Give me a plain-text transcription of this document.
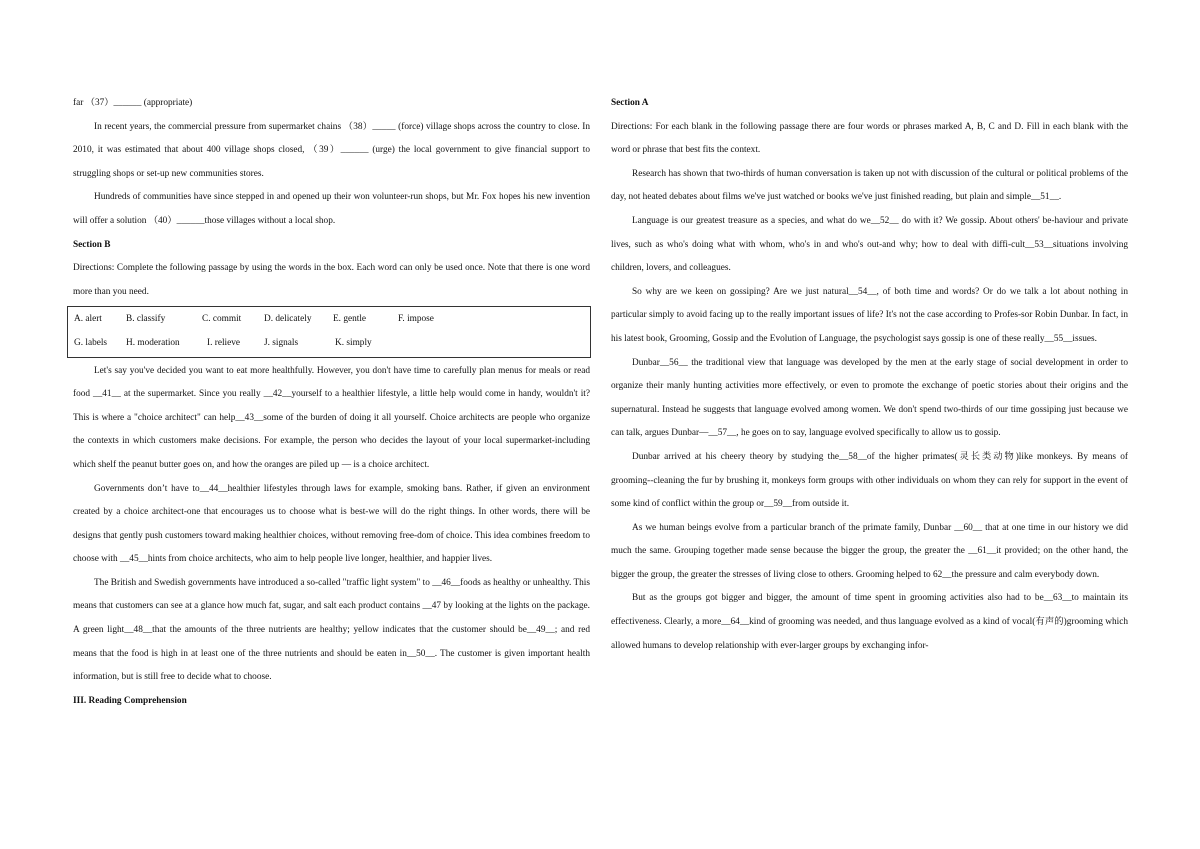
far （37）______ (appropriate)

In recent years, the commercial pressure from supermarket chains （38）_____ (force) village shops across the country to close. In 2010, it was estimated that about 400 village shops closed, （39）______ (urge) the local government to give financial support to struggling shops or set-up new communities stores.

Hundreds of communities have since stepped in and opened up their won volunteer-run shops, but Mr. Fox hopes his new invention will offer a solution （40）______those villages without a local shop.

Section B

Directions: Complete the following passage by using the words in the box. Each word can only be used once. Note that there is one word more than you need.

A. alert	B. classify	C. commit D. delicately E. gentle	F. impose
G. labels H. moderation	I. relieve	J. signals	K. simply

Let's say you've decided you want to eat more healthfully. However, you don't have time to carefully plan menus for meals or read food __41__ at the supermarket. Since you really __42__yourself to a healthier lifestyle, a little help would come in handy, wouldn't it? This is where a "choice architect" can help__43__some of the burden of doing it all yourself. Choice architects are people who organize the contexts in which customers make decisions. For example, the person who decides the layout of your local supermarket-including which shelf the peanut butter goes on, and how the oranges are piled up — is a choice architect.

Governments don’t have to__44__healthier lifestyles through laws for example, smoking bans. Rather, if given an environment created by a choice architect-one that encourages us to choose what is best-we will do the right things. In other words, there will be designs that gently push customers toward making healthier choices, without removing free-dom of choice. This idea combines freedom to choose with __45__hints from choice architects, who aim to help people live longer, healthier, and happier lives.

The British and Swedish governments have introduced a so-called "traffic light system" to __46__foods as healthy or unhealthy. This means that customers can see at a glance how much fat, sugar, and salt each product contains __47 by looking at the lights on the package. A green light__48__that the amounts of the three nutrients are healthy; yellow indicates that the customer should be__49__; and red means that the food is high in at least one of the three nutrients and should be eaten in__50__. The customer is given important health information, but is still free to decide what to choose.

III. Reading Comprehension

Section A

Directions: For each blank in the following passage there are four words or phrases marked A, B, C and D. Fill in each blank with the word or phrase that best fits the context.

Research has shown that two-thirds of human conversation is taken up not with discussion of the cultural or political problems of the day, not heated debates about films we've just watched or books we've just finished reading, but plain and simple__51__.

Language is our greatest treasure as a species, and what do we__52__ do with it? We gossip. About others' be-haviour and private lives, such as who's doing what with whom, who's in and who's out-and why; how to deal with diffi-cult__53__situations involving children, lovers, and colleagues.

So why are we keen on gossiping? Are we just natural__54__, of both time and words? Or do we talk a lot about nothing in particular simply to avoid facing up to the really important issues of life? It's not the case according to Profes-sor Robin Dunbar. In fact, in his latest book, Grooming, Gossip and the Evolution of Language, the psychologist says gossip is one of these really__55__issues.

Dunbar__56__ the traditional view that language was developed by the men at the early stage of social development in order to organize their manly hunting activities more effectively, or even to promote the exchange of poetic stories about their origins and the supernatural. Instead he suggests that language evolved among women. We don't spend two-thirds of our time gossiping just because we can talk, argues Dunbar—__57__, he goes on to say, language evolved specifically to allow us to gossip.

Dunbar arrived at his cheery theory by studying the__58__of the higher primates(灵长类动物)like monkeys. By means of grooming--cleaning the fur by brushing it, monkeys form groups with other individuals on whom they can rely for support in the event of some kind of conflict within the group or__59__from outside it.

As we human beings evolve from a particular branch of the primate family, Dunbar __60__ that at one time in our history we did much the same. Grouping together made sense because the bigger the group, the greater the __61__it provided; on the other hand, the bigger the group, the greater the stresses of living close to others. Grooming helped to 62__the pressure and calm everybody down.

But as the groups got bigger and bigger, the amount of time spent in grooming activities also had to be__63__to maintain its effectiveness. Clearly, a more__64__kind of grooming was needed, and thus language evolved as a kind of vocal(有声的)grooming which allowed humans to develop relationship with ever-larger groups by exchanging infor-
